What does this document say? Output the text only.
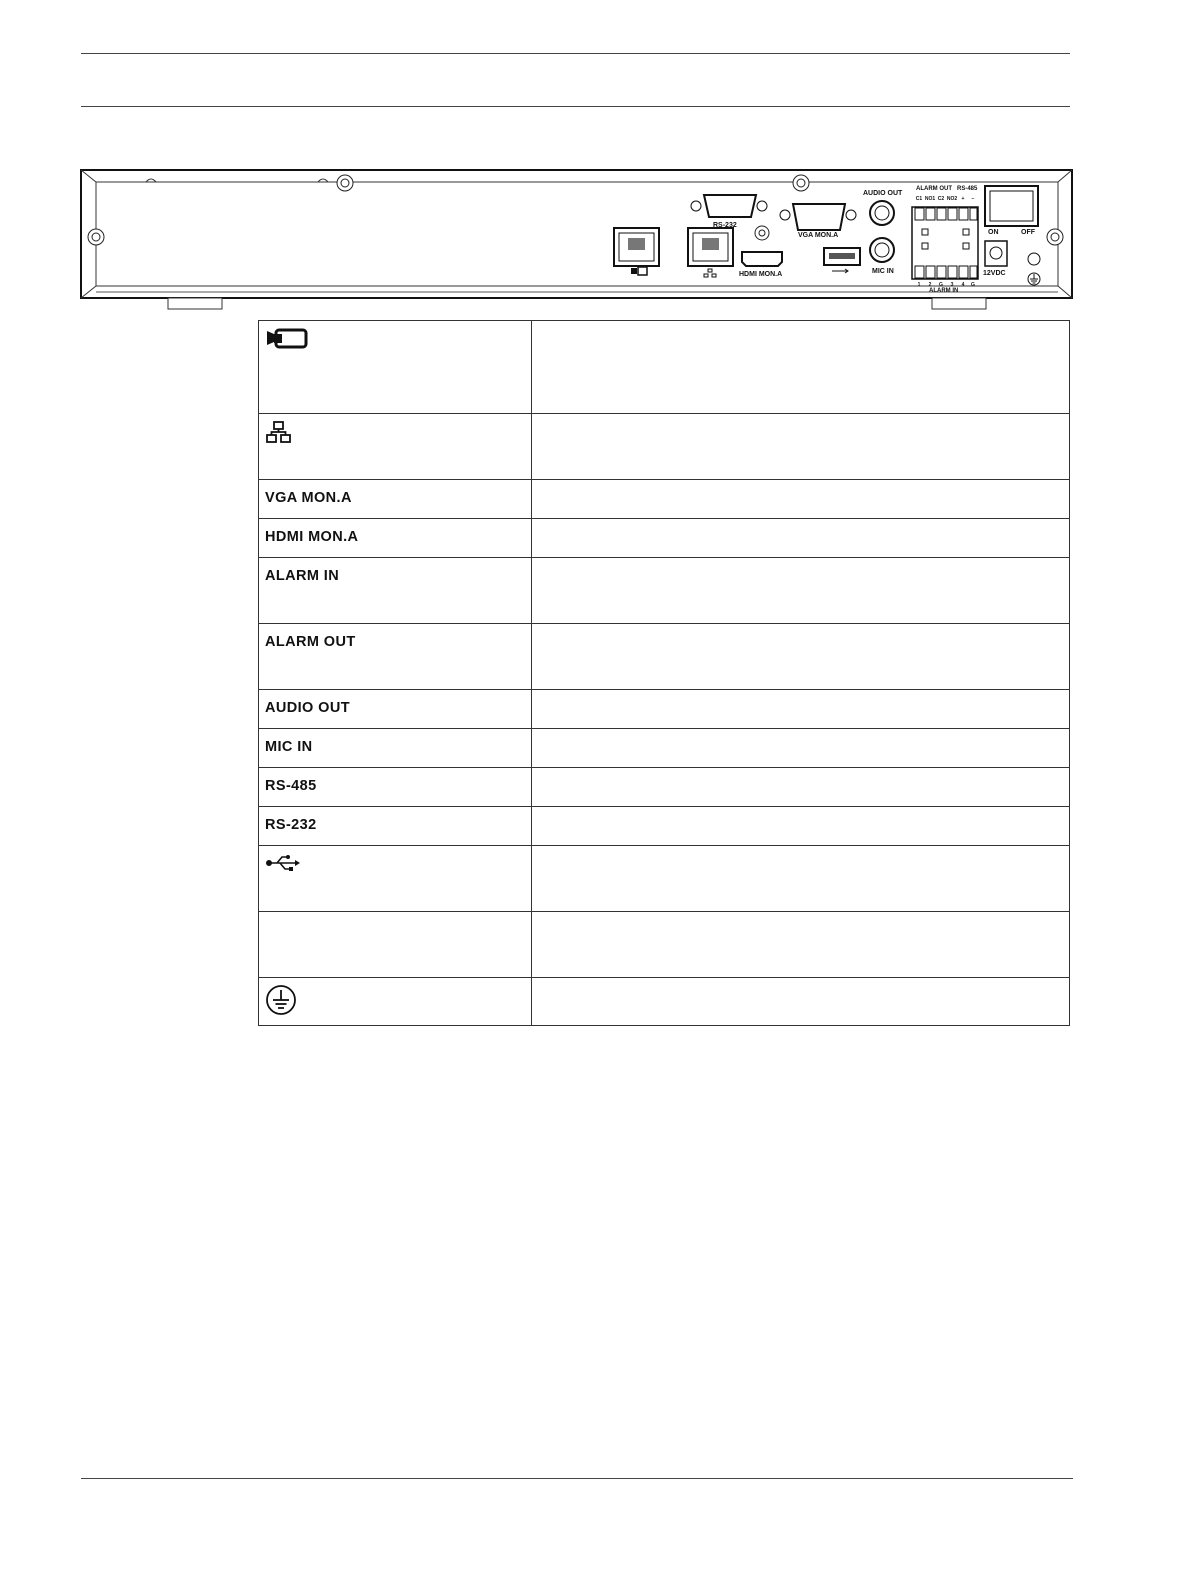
RS-232
VGA MON.A
HDMI MON.A
AUDIO OUT
MIC IN
ALARM OUT RS-485
ALARM IN
ON	OFF
12VDC
C1 NO1 C2 NO2 + −
1 2 G 3 4 G

VGA MON.A	

HDMI MON.A	

ALARM IN	

ALARM OUT	

AUDIO OUT	

MIC IN	

RS-485	

RS-232	
